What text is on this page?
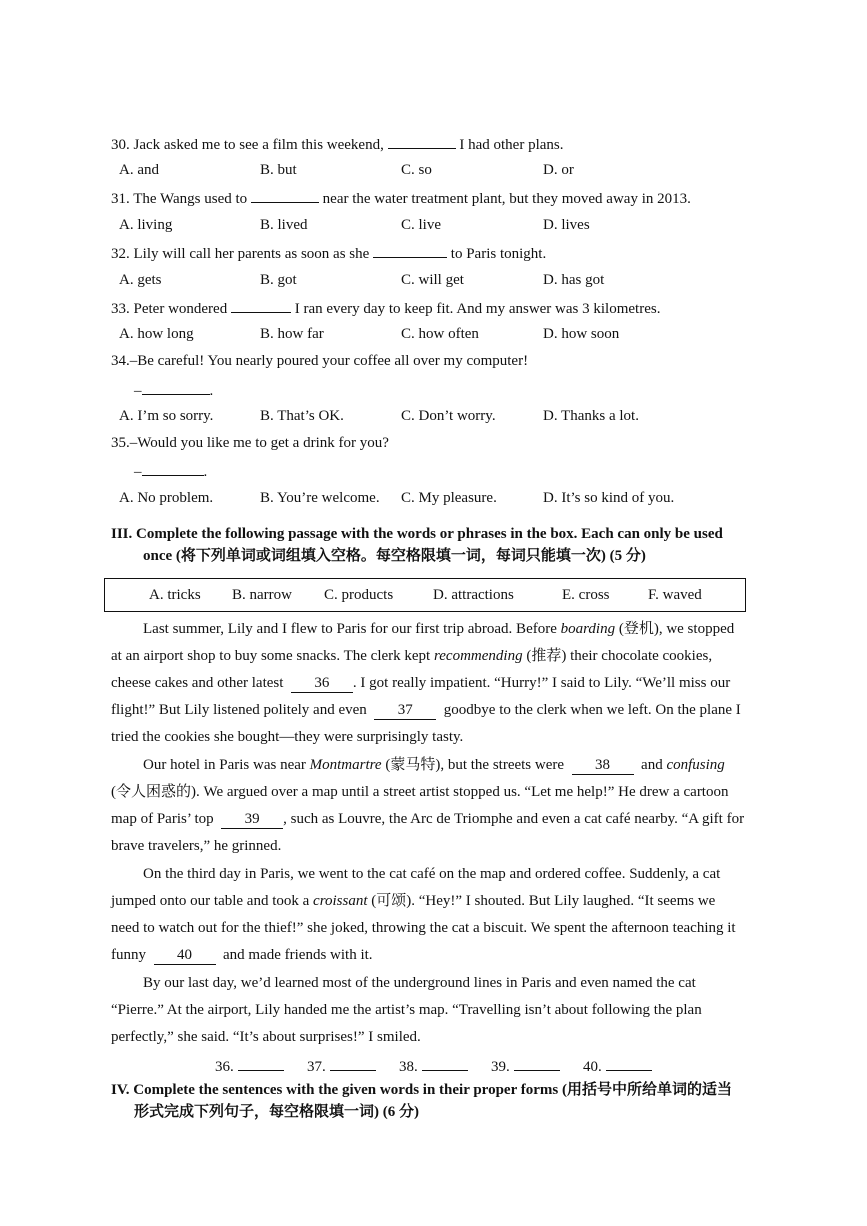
30. Jack asked me to see a film this weekend,	I had other plans.
A. and	B. but	C. so	D. or
31. The Wangs used to	near the water treatment plant, but they moved away in 2013.
A. living	B. lived	C. live	D. lives
32. Lily will call her parents as soon as she	to Paris tonight.
A. gets	B. got	C. will get	D. has got
33. Peter wondered	I ran every day to keep fit. And my answer was 3 kilometres.
A. how long	B. how far	C. how often	D. how soon
34.–Be careful! You nearly poured your coffee all over my computer!
–	.
A. I’m so sorry.	B. That’s OK.	C. Don’t worry.	D. Thanks a lot.
35.–Would you like me to get a drink for you?
–	.
A. No problem.	B. You’re welcome. C. My pleasure.	D. It’s so kind of you.
III. Complete the following passage with the words or phrases in the box. Each can only be used
once (将下列单词或词组填入空格。每空格限填一词，每词只能填一次) (5 分)
A. tricks B. narrow C. products	D. attractions	E. cross	F. waved
Last summer, Lily and I flew to Paris for our first trip abroad. Before boarding (登机), we stopped
at an airport shop to buy some snacks. The clerk kept recommending (推荐) their chocolate cookies,
cheese cakes and other latest 36 . I got really impatient. “Hurry!” I said to Lily. “We’ll miss our
flight!” But Lily listened politely and even 37 goodbye to the clerk when we left. On the plane I
tried the cookies she bought—they were surprisingly tasty.
Our hotel in Paris was near Montmartre (蒙马特), but the streets were 38 and confusing
(令人困惑的). We argued over a map until a street artist stopped us. “Let me help!” He drew a cartoon
map of Paris’ top 39 , such as Louvre, the Arc de Triomphe and even a cat café nearby. “A gift for
brave travelers,” he grinned.
On the third day in Paris, we went to the cat café on the map and ordered coffee. Suddenly, a cat
jumped onto our table and took a croissant (可颂). “Hey!” I shouted. But Lily laughed. “It seems we
need to watch out for the thief!” she joked, throwing the cat a biscuit. We spent the afternoon teaching it
funny 40 and made friends with it.
By our last day, we’d learned most of the underground lines in Paris and even named the cat
“Pierre.” At the airport, Lily handed me the artist’s map. “Travelling isn’t about following the plan
perfectly,” she said. “It’s about surprises!” I smiled.
36.	37.	38.	39.	40.
IV. Complete the sentences with the given words in their proper forms (用括号中所给单词的适当
形式完成下列句子，每空格限填一词) (6 分)
